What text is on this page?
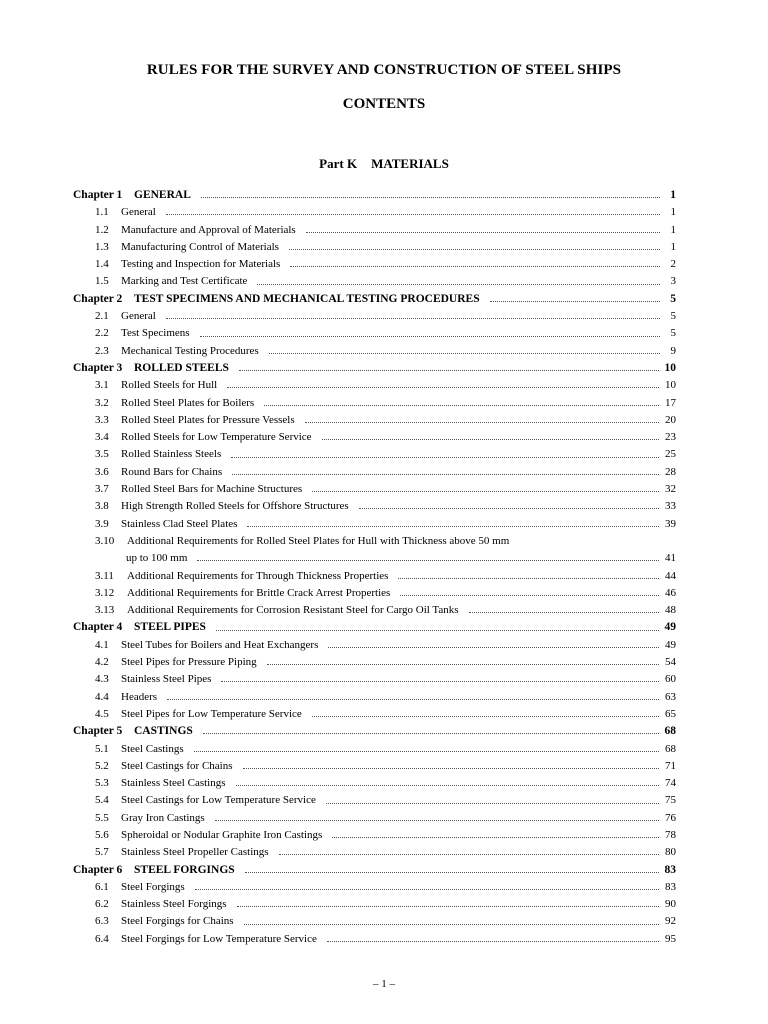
RULES FOR THE SURVEY AND CONSTRUCTION OF STEEL SHIPS
CONTENTS
Part K MATERIALS
Chapter 1	GENERAL	1
1.1	General	1
1.2	Manufacture and Approval of Materials	1
1.3	Manufacturing Control of Materials	1
1.4	Testing and Inspection for Materials	2
1.5	Marking and Test Certificate	3
Chapter 2	TEST SPECIMENS AND MECHANICAL TESTING PROCEDURES	5
2.1	General	5
2.2	Test Specimens	5
2.3	Mechanical Testing Procedures	9
Chapter 3	ROLLED STEELS	10
3.1	Rolled Steels for Hull	10
3.2	Rolled Steel Plates for Boilers	17
3.3	Rolled Steel Plates for Pressure Vessels	20
3.4	Rolled Steels for Low Temperature Service	23
3.5	Rolled Stainless Steels	25
3.6	Round Bars for Chains	28
3.7	Rolled Steel Bars for Machine Structures	32
3.8	High Strength Rolled Steels for Offshore Structures	33
3.9	Stainless Clad Steel Plates	39
3.10	Additional Requirements for Rolled Steel Plates for Hull with Thickness above 50 mm
up to 100 mm	41
3.11	Additional Requirements for Through Thickness Properties	44
3.12	Additional Requirements for Brittle Crack Arrest Properties	46
3.13	Additional Requirements for Corrosion Resistant Steel for Cargo Oil Tanks	48
Chapter 4	STEEL PIPES	49
4.1	Steel Tubes for Boilers and Heat Exchangers	49
4.2	Steel Pipes for Pressure Piping	54
4.3	Stainless Steel Pipes	60
4.4	Headers	63
4.5	Steel Pipes for Low Temperature Service	65
Chapter 5	CASTINGS	68
5.1	Steel Castings	68
5.2	Steel Castings for Chains	71
5.3	Stainless Steel Castings	74
5.4	Steel Castings for Low Temperature Service	75
5.5	Gray Iron Castings	76
5.6	Spheroidal or Nodular Graphite Iron Castings	78
5.7	Stainless Steel Propeller Castings	80
Chapter 6	STEEL FORGINGS	83
6.1	Steel Forgings	83
6.2	Stainless Steel Forgings	90
6.3	Steel Forgings for Chains	92
6.4	Steel Forgings for Low Temperature Service	95
– 1 –
